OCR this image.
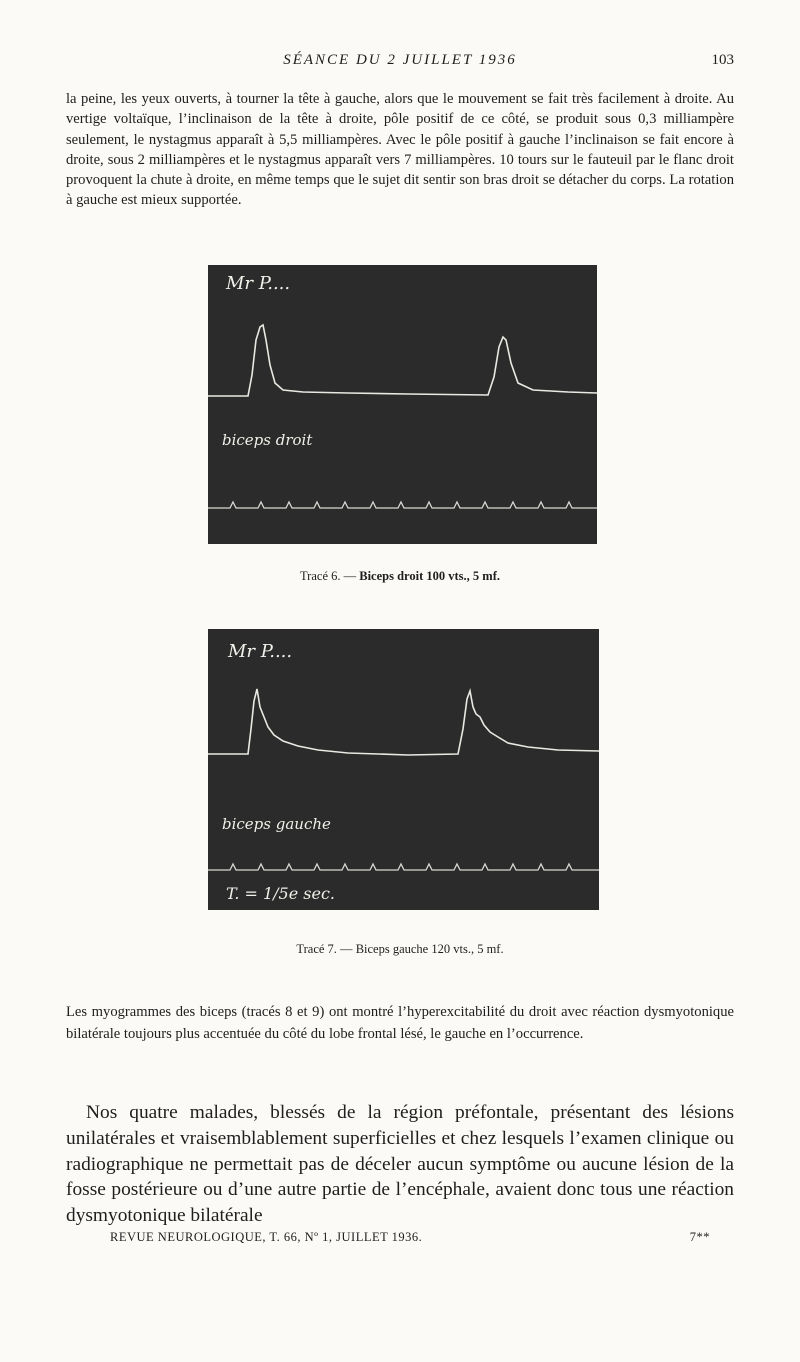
SÉANCE DU 2 JUILLET 1936	103

la peine, les yeux ouverts, à tourner la tête à gauche, alors que le mouvement se fait très facilement à droite. Au vertige voltaïque, l’inclinaison de la tête à droite, pôle positif de ce côté, se produit sous 0,3 milliampère seulement, le nystagmus apparaît à 5,5 milliampères. Avec le pôle positif à gauche l’inclinaison se fait encore à droite, sous 2 milliampères et le nystagmus apparaît vers 7 milliampères. 10 tours sur le fauteuil par le flanc droit provoquent la chute à droite, en même temps que le sujet dit sentir son bras droit se détacher du corps. La rotation à gauche est mieux supportée.

Mr P....
biceps droit
Tracé 6. — Biceps droit 100 vts., 5 mf.
Mr P....
biceps gauche
T. = 1/5e sec.
Tracé 7. — Biceps gauche 120 vts., 5 mf.

Les myogrammes des biceps (tracés 8 et 9) ont montré l’hyperexcitabilité du droit avec réaction dysmyotonique bilatérale toujours plus accentuée du côté du lobe frontal lésé, le gauche en l’occurrence.

Nos quatre malades, blessés de la région préfontale, présentant des lésions unilatérales et vraisemblablement superficielles et chez lesquels l’examen clinique ou radiographique ne permettait pas de déceler aucun symptôme ou aucune lésion de la fosse postérieure ou d’une autre partie de l’encéphale, avaient donc tous une réaction dysmyotonique bilatérale

REVUE NEUROLOGIQUE, T. 66, Nº 1, JUILLET 1936.	7**
